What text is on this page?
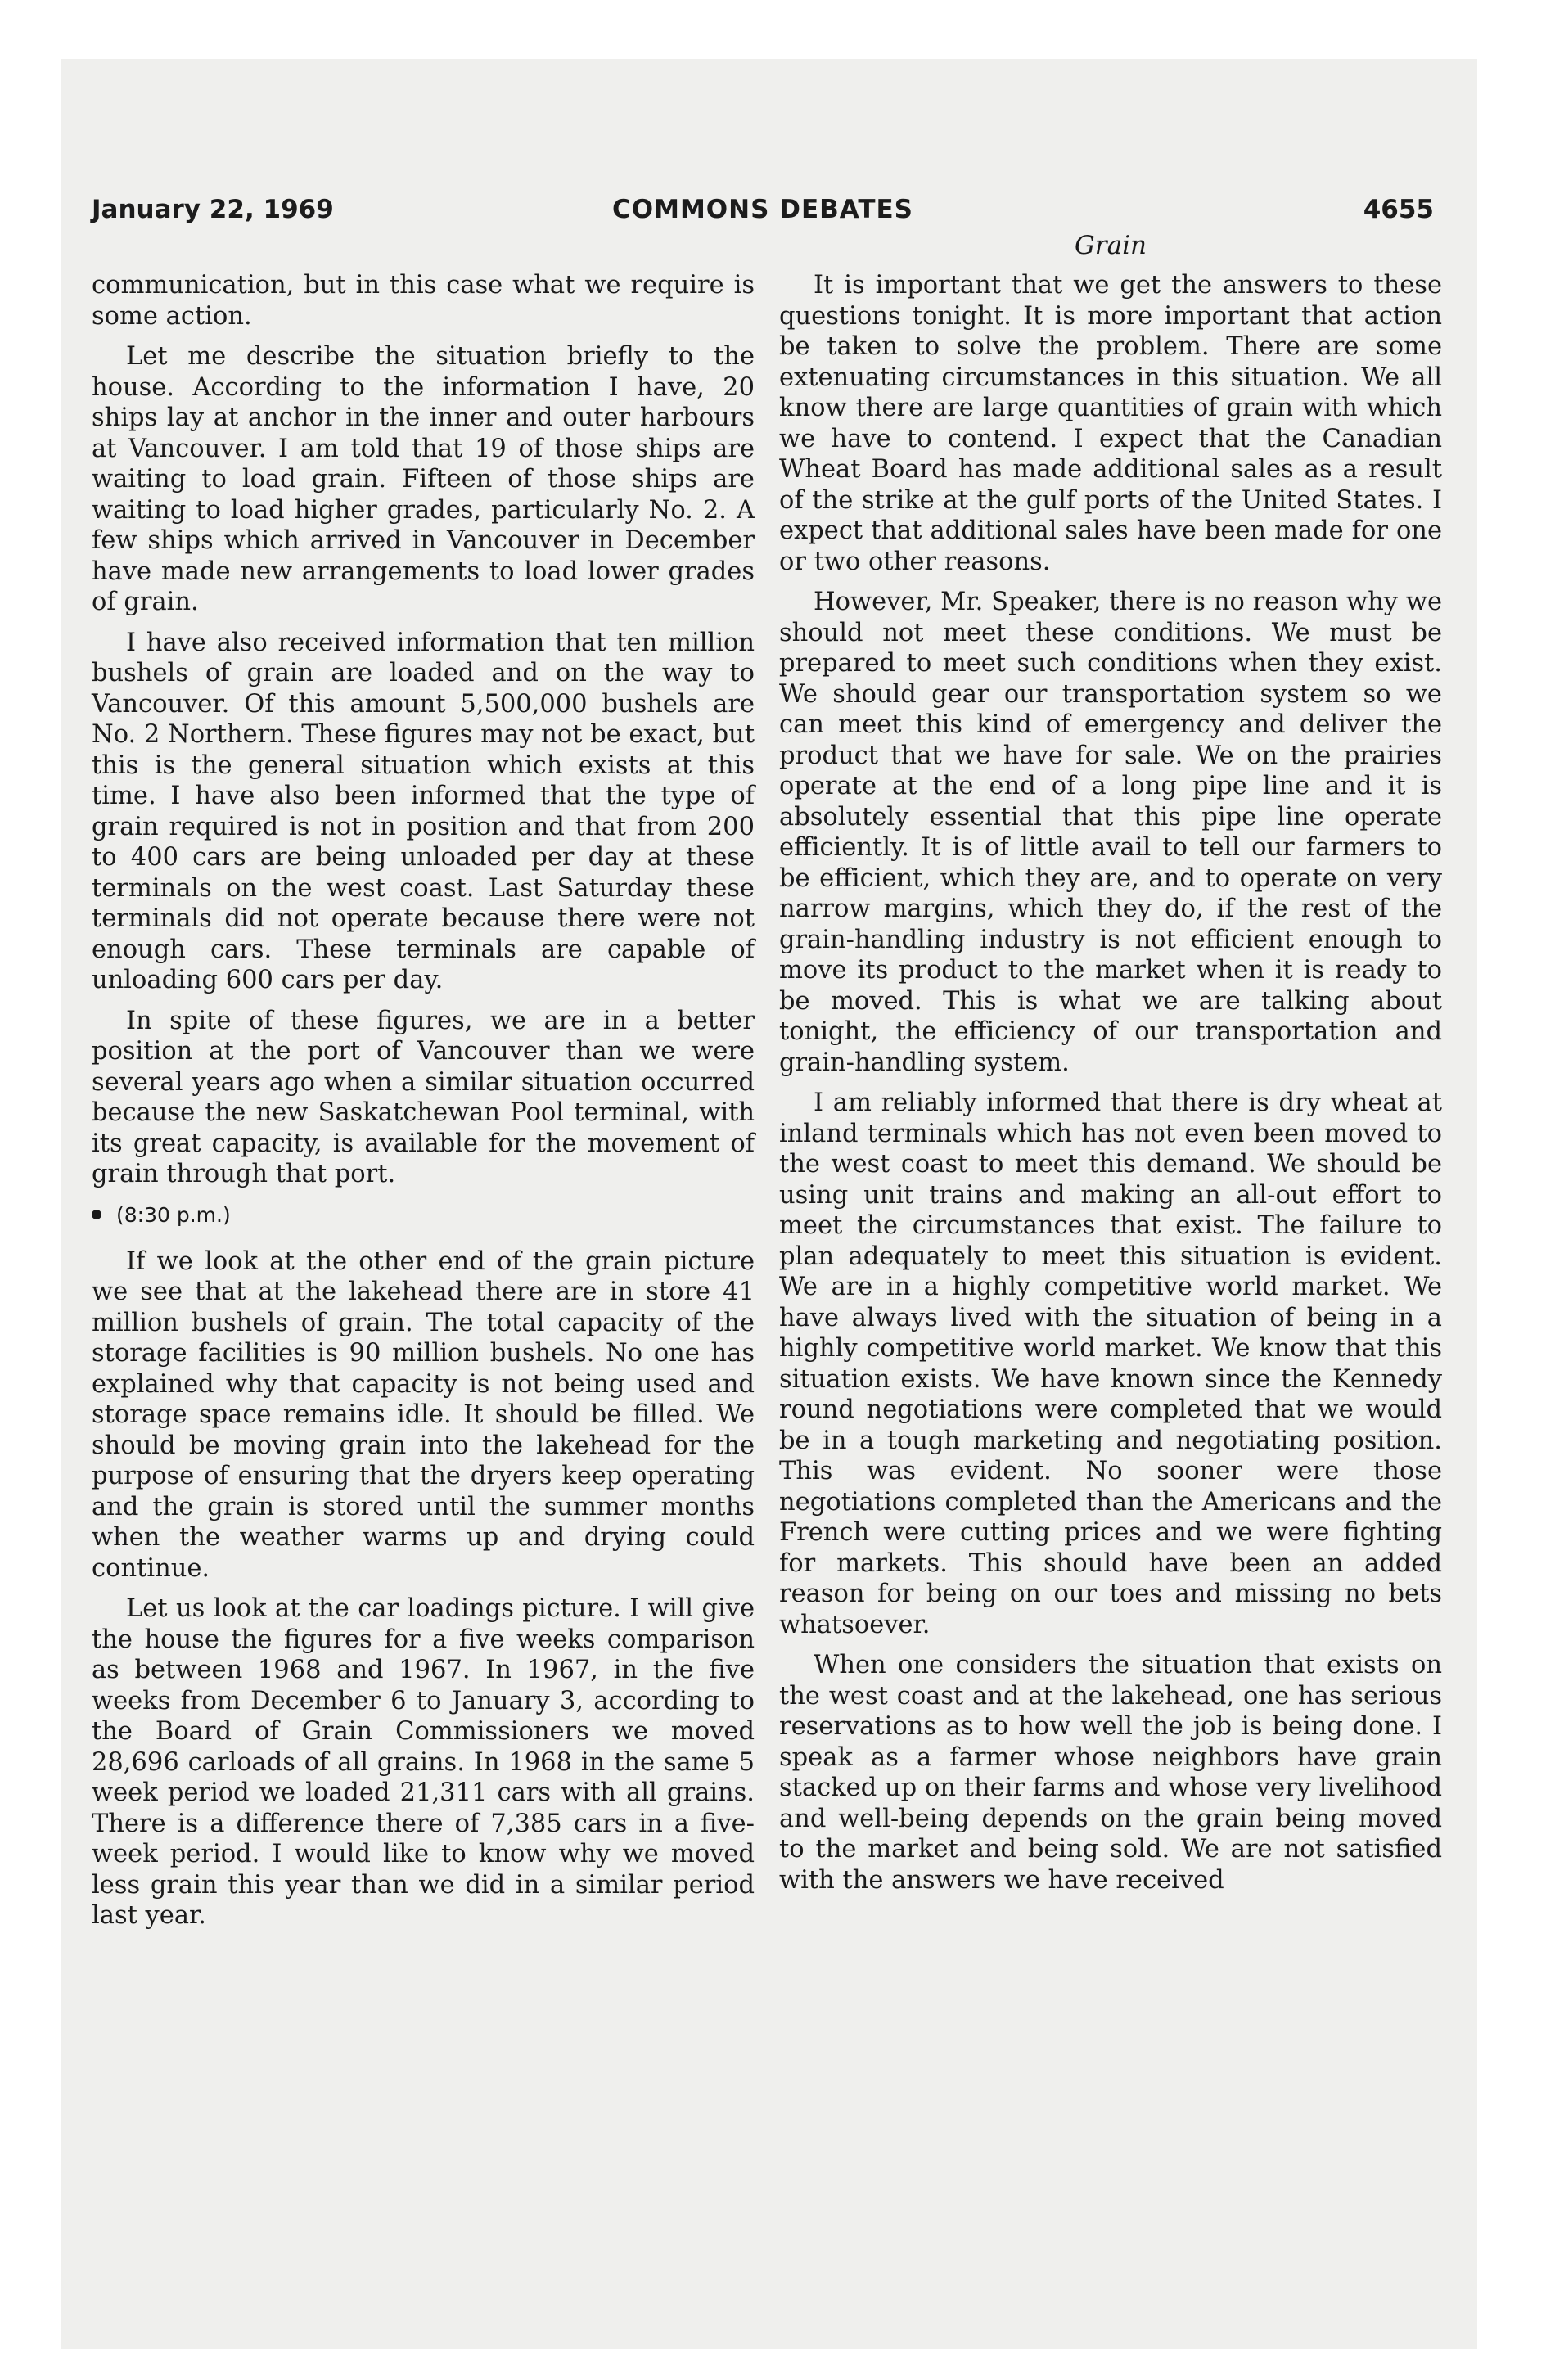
January 22, 1969	COMMONS DEBATES	4655

communication, but in this case what we require is some action.

Let me describe the situation briefly to the house. According to the information I have, 20 ships lay at anchor in the inner and outer harbours at Vancouver. I am told that 19 of those ships are waiting to load grain. Fifteen of those ships are waiting to load higher grades, particularly No. 2. A few ships which arrived in Vancouver in December have made new arrangements to load lower grades of grain.

I have also received information that ten million bushels of grain are loaded and on the way to Vancouver. Of this amount 5,500,000 bushels are No. 2 Northern. These figures may not be exact, but this is the general situation which exists at this time. I have also been informed that the type of grain required is not in position and that from 200 to 400 cars are being unloaded per day at these terminals on the west coast. Last Saturday these terminals did not operate because there were not enough cars. These terminals are capable of unloading 600 cars per day.

In spite of these figures, we are in a better position at the port of Vancouver than we were several years ago when a similar situation occurred because the new Saskatchewan Pool terminal, with its great capacity, is available for the movement of grain through that port.

(8:30 p.m.)

If we look at the other end of the grain picture we see that at the lakehead there are in store 41 million bushels of grain. The total capacity of the storage facilities is 90 million bushels. No one has explained why that capacity is not being used and storage space remains idle. It should be filled. We should be moving grain into the lakehead for the purpose of ensuring that the dryers keep operating and the grain is stored until the summer months when the weather warms up and drying could continue.

Let us look at the car loadings picture. I will give the house the figures for a five weeks comparison as between 1968 and 1967. In 1967, in the five weeks from December 6 to January 3, according to the Board of Grain Commissioners we moved 28,696 carloads of all grains. In 1968 in the same 5 week period we loaded 21,311 cars with all grains. There is a difference there of 7,385 cars in a five-week period. I would like to know why we moved less grain this year than we did in a similar period last year.

Grain

It is important that we get the answers to these questions tonight. It is more important that action be taken to solve the problem. There are some extenuating circumstances in this situation. We all know there are large quantities of grain with which we have to contend. I expect that the Canadian Wheat Board has made additional sales as a result of the strike at the gulf ports of the United States. I expect that additional sales have been made for one or two other reasons.

However, Mr. Speaker, there is no reason why we should not meet these conditions. We must be prepared to meet such conditions when they exist. We should gear our transportation system so we can meet this kind of emergency and deliver the product that we have for sale. We on the prairies operate at the end of a long pipe line and it is absolutely essential that this pipe line operate efficiently. It is of little avail to tell our farmers to be efficient, which they are, and to operate on very narrow margins, which they do, if the rest of the grain-handling industry is not efficient enough to move its product to the market when it is ready to be moved. This is what we are talking about tonight, the efficiency of our transportation and grain-handling system.

I am reliably informed that there is dry wheat at inland terminals which has not even been moved to the west coast to meet this demand. We should be using unit trains and making an all-out effort to meet the circumstances that exist. The failure to plan adequately to meet this situation is evident. We are in a highly competitive world market. We have always lived with the situation of being in a highly competitive world market. We know that this situation exists. We have known since the Kennedy round negotiations were completed that we would be in a tough marketing and negotiating position. This was evident. No sooner were those negotiations completed than the Americans and the French were cutting prices and we were fighting for markets. This should have been an added reason for being on our toes and missing no bets whatsoever.

When one considers the situation that exists on the west coast and at the lakehead, one has serious reservations as to how well the job is being done. I speak as a farmer whose neighbors have grain stacked up on their farms and whose very livelihood and well-being depends on the grain being moved to the market and being sold. We are not satisfied with the answers we have received
